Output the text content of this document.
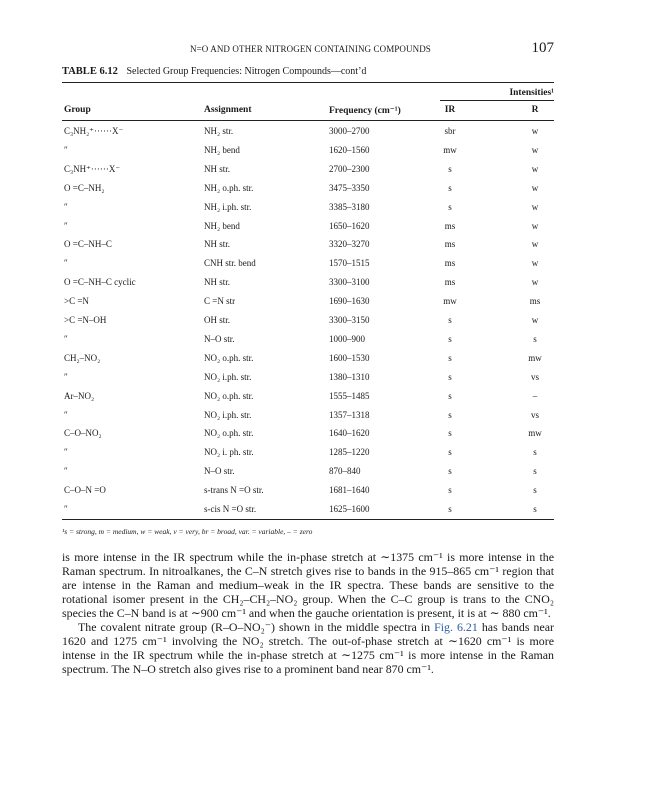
N=O AND OTHER NITROGEN CONTAINING COMPOUNDS	107
TABLE 6.12 Selected Group Frequencies: Nitrogen Compounds—cont’d
Intensities¹
Group	Assignment	Frequency (cm⁻¹)	IR	R
C₃NH₂⁺······X⁻	NH₂ str.	3000–2700	sbr	w
″	NH₂ bend	1620–1560	mw	w
C₃NH⁺······X⁻	NH str.	2700–2300	s	w
O =C–NH₂	NH₂ o.ph. str.	3475–3350	s	w
″	NH₂ i.ph. str.	3385–3180	s	w
″	NH₂ bend	1650–1620	ms	w
O =C–NH–C	NH str.	3320–3270	ms	w
″	CNH str. bend	1570–1515	ms	w
O =C–NH–C cyclic	NH str.	3300–3100	ms	w
>C =N	C =N str	1690–1630	mw	ms
>C =N–OH	OH str.	3300–3150	s	w
″	N–O str.	1000–900	s	s
CH₂–NO₂	NO₂ o.ph. str.	1600–1530	s	mw
″	NO₂ i.ph. str.	1380–1310	s	vs
Ar–NO₂	NO₂ o.ph. str.	1555–1485	s	–
″	NO₂ i.ph. str.	1357–1318	s	vs
C–O–NO₂	NO₂ o.ph. str.	1640–1620	s	mw
″	NO₂ i. ph. str.	1285–1220	s	s
″	N–O str.	870–840	s	s
C–O–N =O	s-trans N =O str.	1681–1640	s	s
″	s-cis N =O str.	1625–1600	s	s
¹s = strong, m = medium, w = weak, v = very, br = broad, var. = variable, – = zero

is more intense in the IR spectrum while the in-phase stretch at ∼1375 cm⁻¹ is more intense in the Raman spectrum. In nitroalkanes, the C–N stretch gives rise to bands in the 915–865 cm⁻¹ region that are intense in the Raman and medium–weak in the IR spectra. These bands are sensitive to the rotational isomer present in the CH₂–CH₂–NO₂ group. When the C–C group is trans to the CNO₂ species the C–N band is at ∼900 cm⁻¹ and when the gauche orientation is present, it is at ∼ 880 cm⁻¹.

The covalent nitrate group (R–O–NO₂⁻) shown in the middle spectra in Fig. 6.21 has bands near 1620 and 1275 cm⁻¹ involving the NO₂ stretch. The out-of-phase stretch at ∼1620 cm⁻¹ is more intense in the IR spectrum while the in-phase stretch at ∼1275 cm⁻¹ is more intense in the Raman spectrum. The N–O stretch also gives rise to a prominent band near 870 cm⁻¹.
